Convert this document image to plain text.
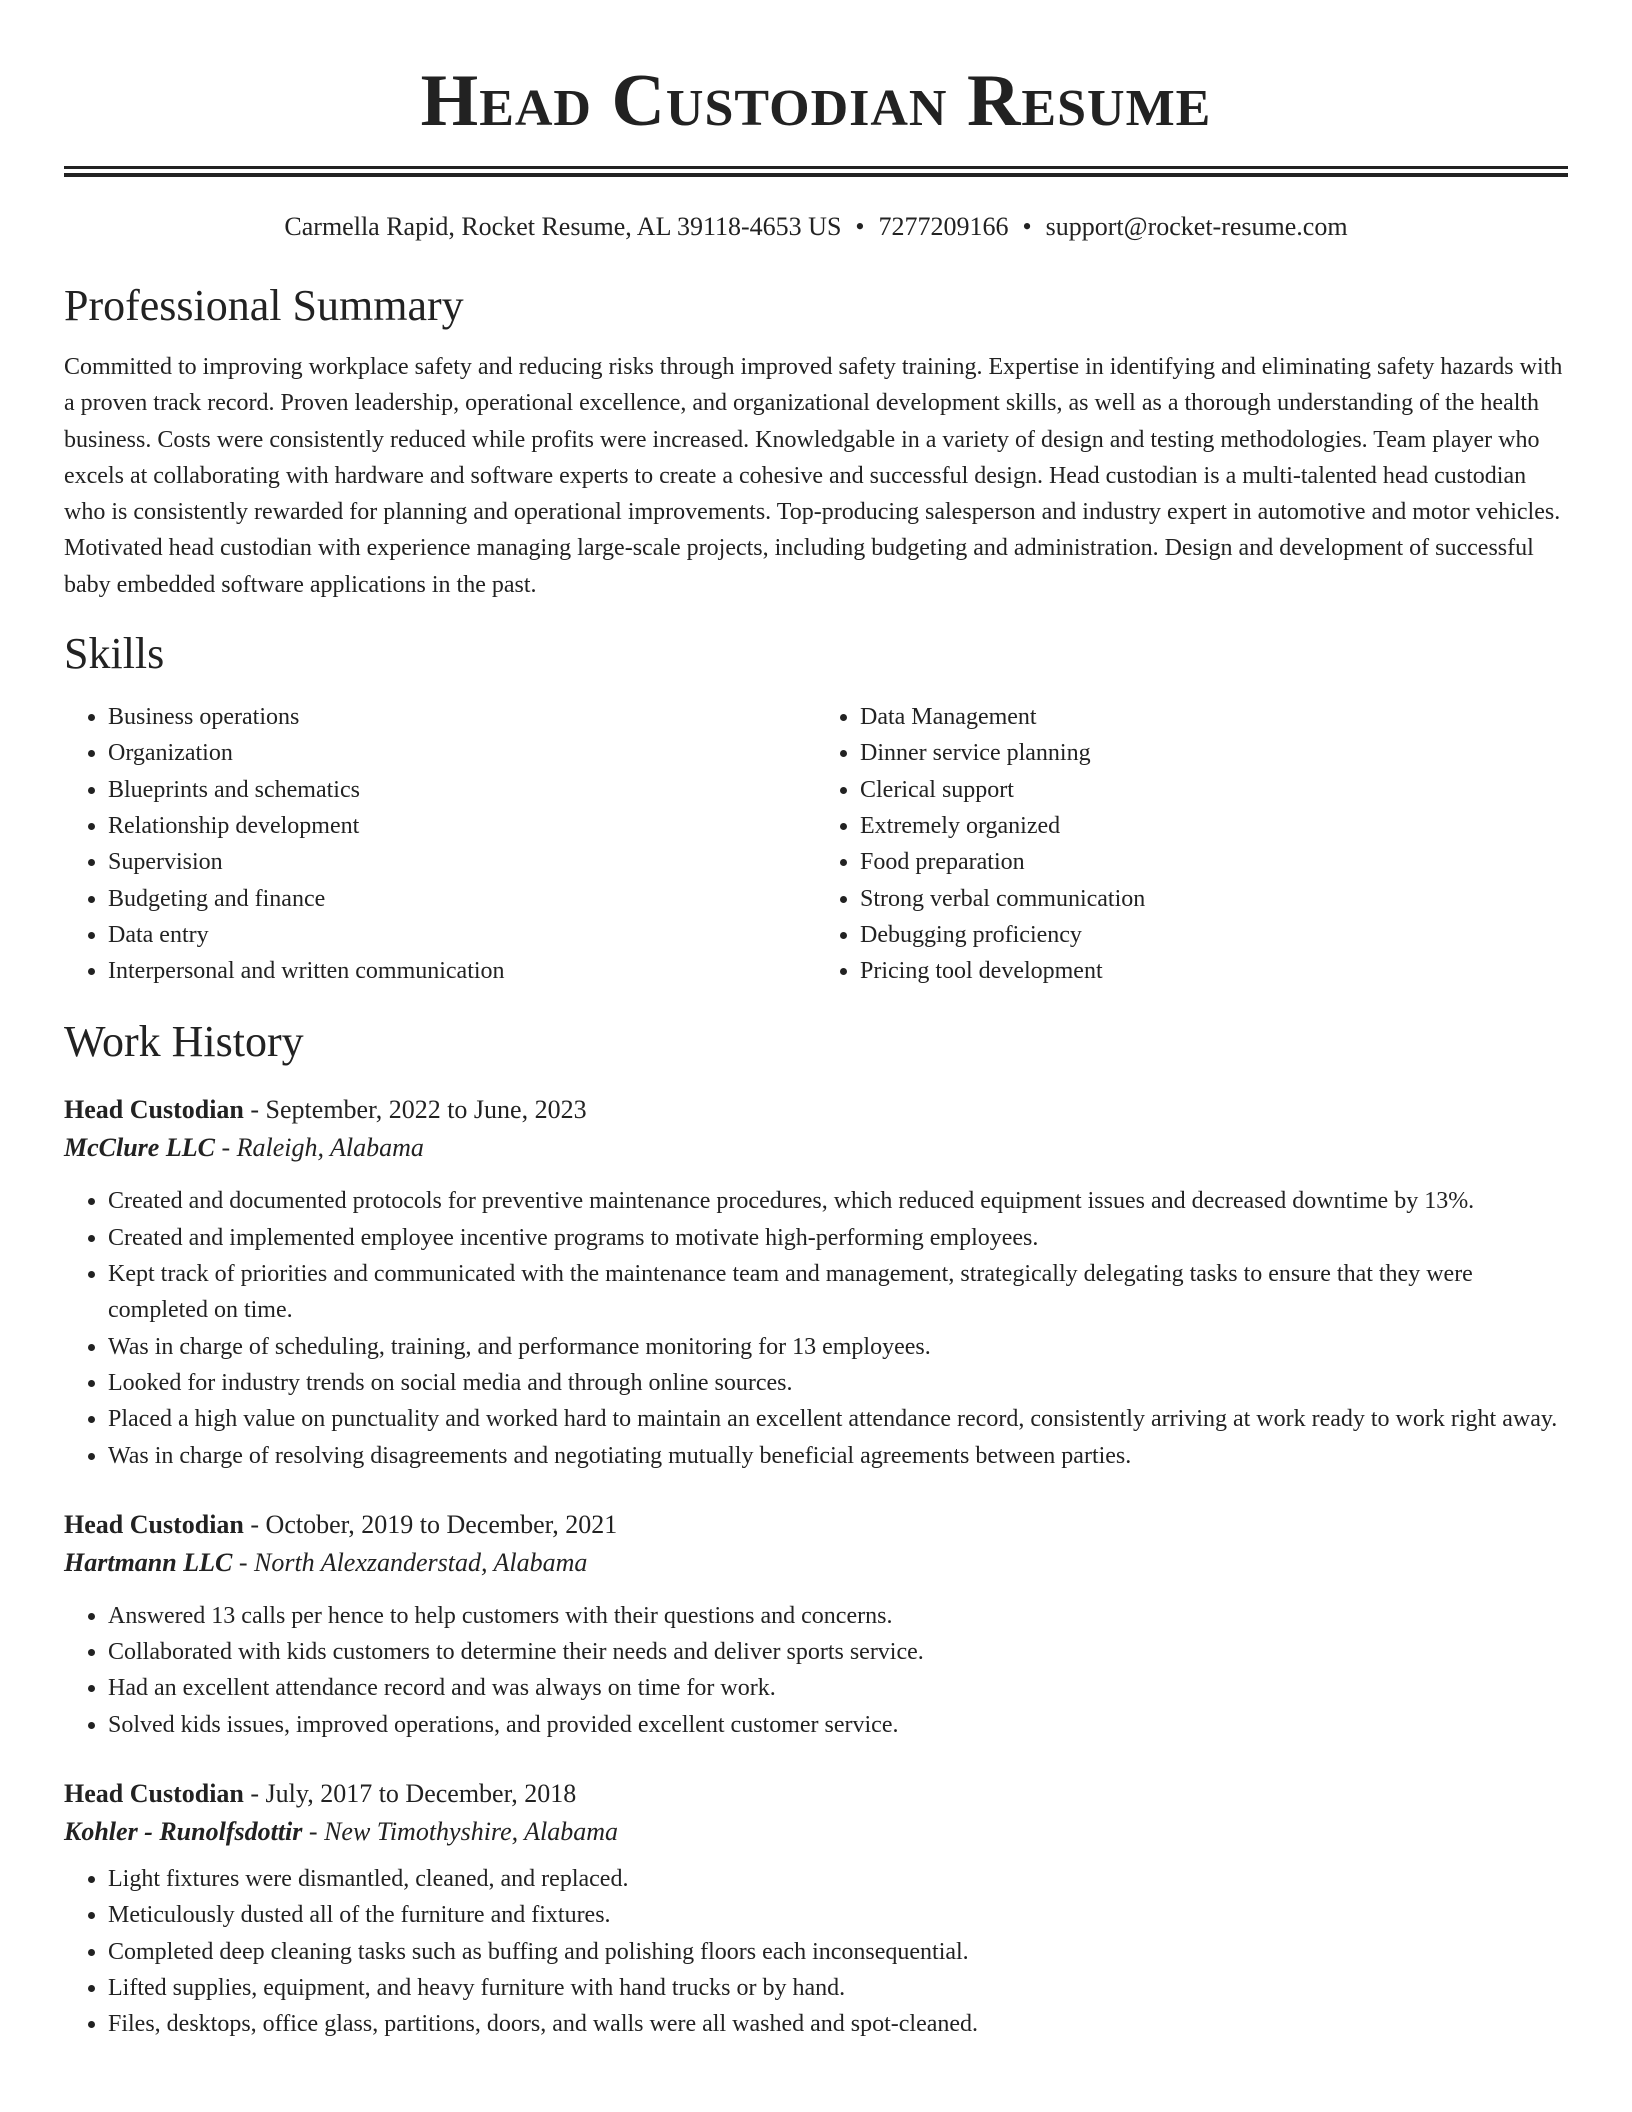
Head Custodian Resume
Carmella Rapid, Rocket Resume, AL 39118-4653 US • 7277209166 • support@rocket-resume.com
Professional Summary

Committed to improving workplace safety and reducing risks through improved safety training. Expertise in identifying and eliminating safety hazards with a proven track record. Proven leadership, operational excellence, and organizational development skills, as well as a thorough understanding of the health business. Costs were consistently reduced while profits were increased. Knowledgable in a variety of design and testing methodologies. Team player who excels at collaborating with hardware and software experts to create a cohesive and successful design. Head custodian is a multi-talented head custodian who is consistently rewarded for planning and operational improvements. Top-producing salesperson and industry expert in automotive and motor vehicles. Motivated head custodian with experience managing large-scale projects, including budgeting and administration. Design and development of successful baby embedded software applications in the past.

Skills
• Business operations
• Organization
• Blueprints and schematics
• Relationship development
• Supervision
• Budgeting and finance
• Data entry
• Interpersonal and written communication
• Data Management
• Dinner service planning
• Clerical support
• Extremely organized
• Food preparation
• Strong verbal communication
• Debugging proficiency
• Pricing tool development
Work History
Head Custodian - September, 2022 to June, 2023
McClure LLC - Raleigh, Alabama
• Created and documented protocols for preventive maintenance procedures, which reduced equipment issues and decreased downtime by 13%.
• Created and implemented employee incentive programs to motivate high-performing employees.
• Kept track of priorities and communicated with the maintenance team and management, strategically delegating tasks to ensure that they were completed on time.
• Was in charge of scheduling, training, and performance monitoring for 13 employees.
• Looked for industry trends on social media and through online sources.
• Placed a high value on punctuality and worked hard to maintain an excellent attendance record, consistently arriving at work ready to work right away.
• Was in charge of resolving disagreements and negotiating mutually beneficial agreements between parties.
Head Custodian - October, 2019 to December, 2021
Hartmann LLC - North Alexzanderstad, Alabama
• Answered 13 calls per hence to help customers with their questions and concerns.
• Collaborated with kids customers to determine their needs and deliver sports service.
• Had an excellent attendance record and was always on time for work.
• Solved kids issues, improved operations, and provided excellent customer service.
Head Custodian - July, 2017 to December, 2018
Kohler - Runolfsdottir - New Timothyshire, Alabama
• Light fixtures were dismantled, cleaned, and replaced.
• Meticulously dusted all of the furniture and fixtures.
• Completed deep cleaning tasks such as buffing and polishing floors each inconsequential.
• Lifted supplies, equipment, and heavy furniture with hand trucks or by hand.
• Files, desktops, office glass, partitions, doors, and walls were all washed and spot-cleaned.
